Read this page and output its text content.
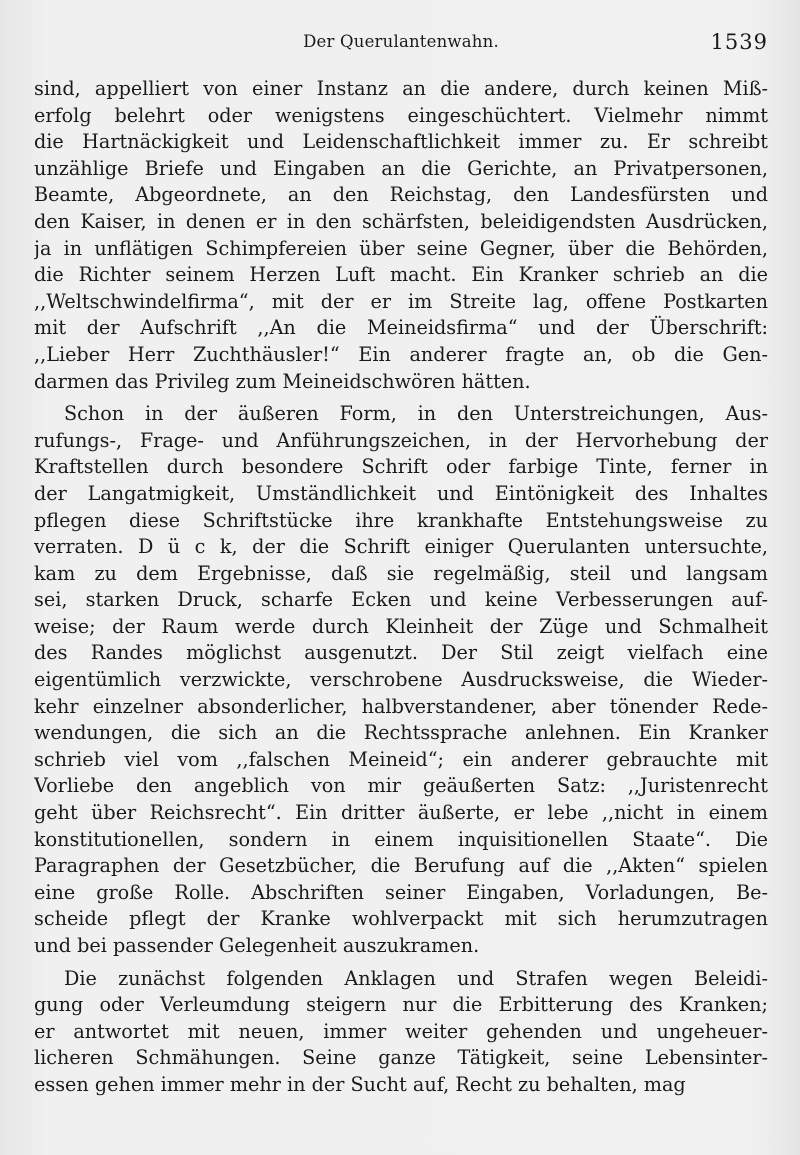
Der Querulantenwahn.	1539
sind, appelliert von einer Instanz an die andere, durch keinen Miß-
erfolg belehrt oder wenigstens eingeschüchtert. Vielmehr nimmt
die Hartnäckigkeit und Leidenschaftlichkeit immer zu. Er schreibt
unzählige Briefe und Eingaben an die Gerichte, an Privatpersonen,
Beamte, Abgeordnete, an den Reichstag, den Landesfürsten und
den Kaiser, in denen er in den schärfsten, beleidigendsten Ausdrücken,
ja in unflätigen Schimpfereien über seine Gegner, über die Behörden,
die Richter seinem Herzen Luft macht. Ein Kranker schrieb an die
,,Weltschwindelfirma“, mit der er im Streite lag, offene Postkarten
mit der Aufschrift ,,An die Meineidsfirma“ und der Überschrift:
,,Lieber Herr Zuchthäusler!“ Ein anderer fragte an, ob die Gen-
darmen das Privileg zum Meineidschwören hätten.
Schon in der äußeren Form, in den Unterstreichungen, Aus-
rufungs-, Frage- und Anführungszeichen, in der Hervorhebung der
Kraftstellen durch besondere Schrift oder farbige Tinte, ferner in
der Langatmigkeit, Umständlichkeit und Eintönigkeit des Inhaltes
pflegen diese Schriftstücke ihre krankhafte Entstehungsweise zu
verraten. D ü c k, der die Schrift einiger Querulanten untersuchte,
kam zu dem Ergebnisse, daß sie regelmäßig, steil und langsam
sei, starken Druck, scharfe Ecken und keine Verbesserungen auf-
weise; der Raum werde durch Kleinheit der Züge und Schmalheit
des Randes möglichst ausgenutzt. Der Stil zeigt vielfach eine
eigentümlich verzwickte, verschrobene Ausdrucksweise, die Wieder-
kehr einzelner absonderlicher, halbverstandener, aber tönender Rede-
wendungen, die sich an die Rechtssprache anlehnen. Ein Kranker
schrieb viel vom ,,falschen Meineid“; ein anderer gebrauchte mit
Vorliebe den angeblich von mir geäußerten Satz: ,,Juristenrecht
geht über Reichsrecht“. Ein dritter äußerte, er lebe ,,nicht in einem
konstitutionellen, sondern in einem inquisitionellen Staate“. Die
Paragraphen der Gesetzbücher, die Berufung auf die ,,Akten“ spielen
eine große Rolle. Abschriften seiner Eingaben, Vorladungen, Be-
scheide pflegt der Kranke wohlverpackt mit sich herumzutragen
und bei passender Gelegenheit auszukramen.
Die zunächst folgenden Anklagen und Strafen wegen Beleidi-
gung oder Verleumdung steigern nur die Erbitterung des Kranken;
er antwortet mit neuen, immer weiter gehenden und ungeheuer-
licheren Schmähungen. Seine ganze Tätigkeit, seine Lebensinter-
essen gehen immer mehr in der Sucht auf, Recht zu behalten, mag
